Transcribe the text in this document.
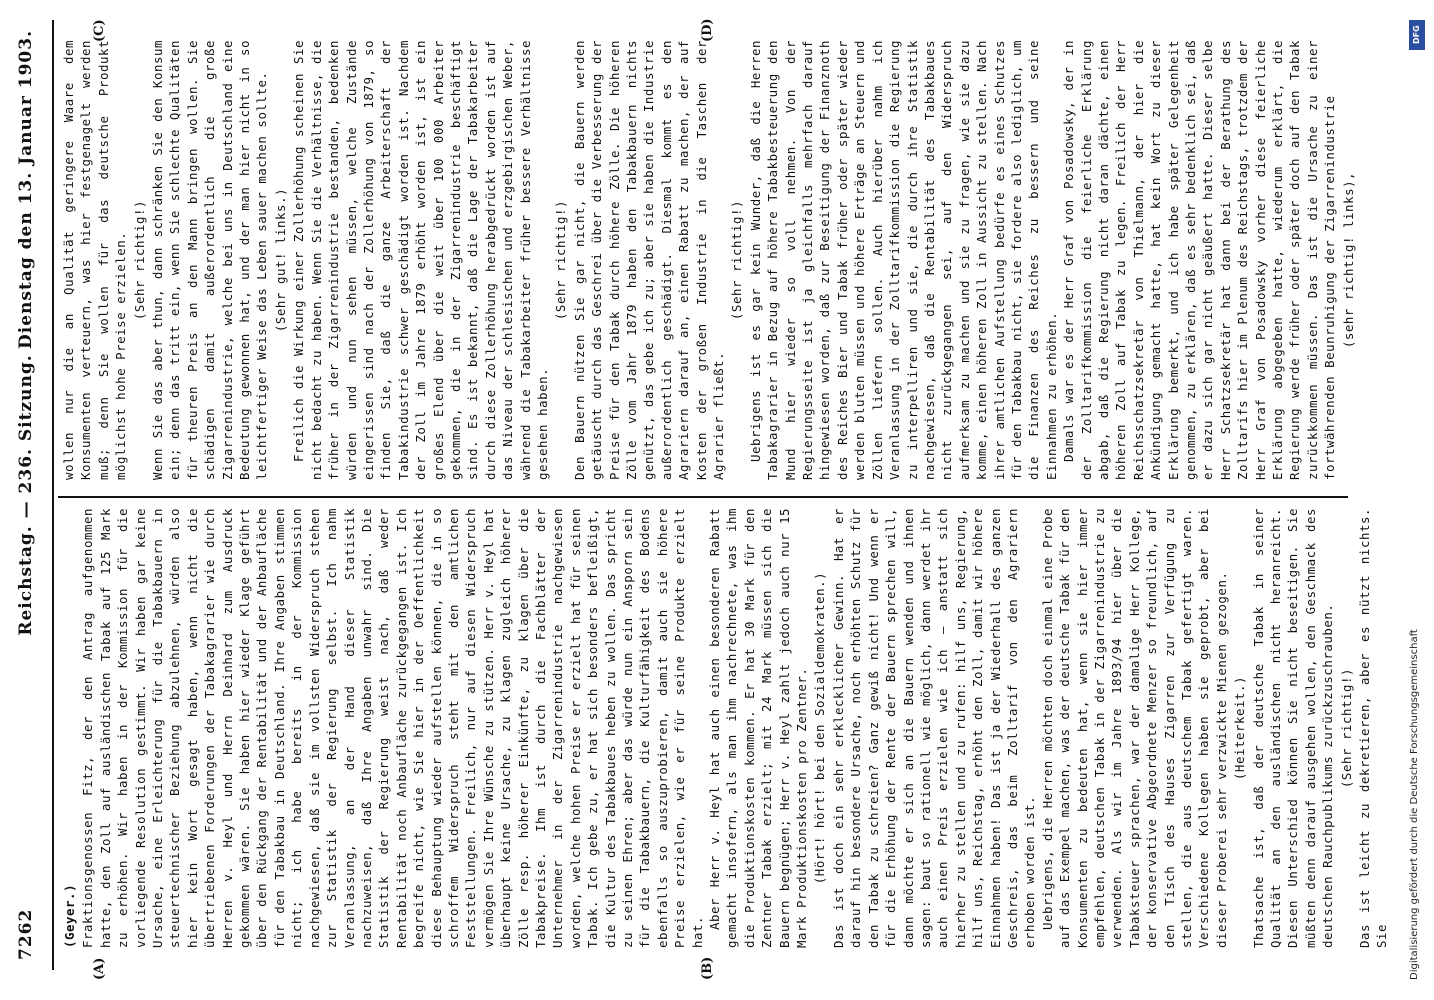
7262
Reichstag. — 236. Sitzung.
Dienstag den 13. Januar 1903.
(A)	(B)
(C)	(D)
(Geyer.) Fraktionsgenossen Fitz, der den Antrag aufgenommen hatte, den Zoll auf ausländischen Tabak auf 125 Mark zu erhöhen. Wir haben in der Kommission für die vorliegende Resolution gestimmt. Wir haben gar keine Ursache, eine Erleichterung für die Tabakbauern in steuertechnischer Beziehung abzulehnen, würden also hier kein Wort gesagt haben, wenn nicht die übertriebenen Forderungen der Tabakagrarier wie durch Herren v. Heyl und Herrn Deinhard zum Ausdruck gekommen wären. Sie haben hier wieder Klage geführt über den Rückgang der Rentabilität und der Anbaufläche für den Tabakbau in Deutschland. Ihre Angaben stimmen nicht; ich habe bereits in der Kommission nachgewiesen, daß sie im vollsten Widerspruch stehen zur Statistik der Regierung selbst. Ich nahm Veranlassung, an der Hand dieser Statistik nachzuweisen, daß Ihre Angaben unwahr sind. Die Statistik der Regierung weist nach, daß weder Rentabilität noch Anbaufläche zurückgegangen ist. Ich begreife nicht, wie Sie hier in der Oeffentlichkeit diese Behauptung wieder aufstellen können, die in so schroffem Widerspruch steht mit den amtlichen Feststellungen. Freilich, nur auf diesen Widerspruch vermögen Sie Ihre Wünsche zu stützen. Herr v. Heyl hat überhaupt keine Ursache, zu klagen zugleich höherer Zölle resp. höherer Einkünfte, zu klagen über die Tabakpreise. Ihm ist durch die Fachblätter der Unternehmer in der Zigarrenindustrie nachgewiesen worden, welche hohen Preise er erzielt hat für seinen Tabak. Ich gebe zu, er hat sich besonders befleißigt, die Kultur des Tabakbaues heben zu wollen. Das spricht zu seinen Ehren; aber das würde nun ein Ansporn sein für die Tabakbauern, die Kulturfähigkeit des Bodens ebenfalls so auszuprobieren, damit auch sie höhere Preise erzielen, wie er für seine Produkte erzielt hat.

Aber Herr v. Heyl hat auch einen besonderen Rabatt gemacht insofern, als man ihm nachrechnete, was ihm die Produktionskosten kommen. Er hat 30 Mark für den Zentner Tabak erzielt; mit 24 Mark müssen sich die Bauern begnügen; Herr v. Heyl zahlt jedoch auch nur 15 Mark Produktionskosten pro Zentner. (Hört! hört! bei den Sozialdemokraten.) Das ist doch ein sehr erklecklicher Gewinn. Hat er darauf hin besondere Ursache, noch erhöhten Schutz für den Tabak zu schreien? Ganz gewiß nicht! Und wenn er für die Erhöhung der Rente der Bauern sprechen will, dann möchte er sich an die Bauern wenden und ihnen sagen: baut so rationell wie möglich, dann werdet ihr auch einen Preis erzielen wie ich — anstatt sich hierher zu stellen und zu rufen: hilf uns, Regierung, hilf uns, Reichstag, erhöht den Zoll, damit wir höhere Einnahmen haben! Das ist ja der Wiederhall des ganzen Geschreis, das beim Zolltarif von den Agrariern erhoben worden ist. Uebrigens, die Herren möchten doch einmal eine Probe auf das Exempel machen, was der deutsche Tabak für den Konsumenten zu bedeuten hat, wenn sie hier immer empfehlen, deutschen Tabak in der Zigarrenindustrie zu verwenden. Als wir im Jahre 1893/94 hier über die Tabaksteuer sprachen, war der damalige Herr Kollege, der konservative Abgeordnete Menzer so freundlich, auf den Tisch des Hauses Zigarren zur Verfügung zu stellen, die aus deutschem Tabak gefertigt waren. Verschiedene Kollegen haben sie geprobt, aber bei dieser Proberei sehr verzwickte Mienen gezogen. (Heiterkeit.) Thatsache ist, daß der deutsche Tabak in seiner Qualität an den ausländischen nicht heranreicht. Diesen Unterschied können Sie nicht beseitigen. Sie müßten denn darauf ausgehen wollen, den Geschmack des deutschen Rauchpublikums zurückzuschrauben. (Sehr richtig!) Das ist leicht zu dekretieren, aber es nützt nichts. Sie

wollen nur die an Qualität geringere Waare dem Konsumenten verteuern, was hier festgenagelt werden muß; denn Sie wollen für das deutsche Produkt möglichst hohe Preise erzielen. (Sehr richtig!) Wenn Sie das aber thun, dann schränken Sie den Konsum ein; denn das tritt ein, wenn Sie schlechte Qualitäten für theuren Preis an den Mann bringen wollen. Sie schädigen damit außerordentlich die große Zigarrenindustrie, welche bei uns in Deutschland eine Bedeutung gewonnen hat, und der man hier nicht in so leichtfertiger Weise das Leben sauer machen sollte. (Sehr gut! links.) Freilich die Wirkung einer Zollerhöhung scheinen Sie nicht bedacht zu haben. Wenn Sie die Verhältnisse, die früher in der Zigarrenindustrie bestanden, bedenken würden und nun sehen müssen, welche Zustände eingerissen sind nach der Zollerhöhung von 1879, so finden Sie, daß die ganze Arbeiterschaft der Tabakindustrie schwer geschädigt worden ist. Nachdem der Zoll im Jahre 1879 erhöht worden ist, ist ein großes Elend über die weit über 100 000 Arbeiter gekommen, die in der Zigarrenindustrie beschäftigt sind. Es ist bekannt, daß die Lage der Tabakarbeiter durch diese Zollerhöhung herabgedrückt worden ist auf das Niveau der schlesischen und erzgebirgischen Weber, während die Tabakarbeiter früher bessere Verhältnisse gesehen haben.

(Sehr richtig!) Den Bauern nützen Sie gar nicht, die Bauern werden getäuscht durch das Geschrei über die Verbesserung der Preise für den Tabak durch höhere Zölle. Die höheren Zölle vom Jahr 1879 haben den Tabakbauern nichts genützt, das gebe ich zu; aber sie haben die Industrie außerordentlich geschädigt. Diesmal kommt es den Agrariern darauf an, einen Rabatt zu machen, der auf Kosten der großen Industrie in die Taschen der Agrarier fließt.

(Sehr richtig!) Uebrigens ist es gar kein Wunder, daß die Herren Tabakagrarier in Bezug auf höhere Tabakbesteuerung den Mund hier wieder so voll nehmen. Von der Regierungsseite ist ja gleichfalls mehrfach darauf hingewiesen worden, daß zur Beseitigung der Finanznoth des Reiches Bier und Tabak früher oder später wieder werden bluten müssen und höhere Erträge an Steuern und Zöllen liefern sollen. Auch hierüber nahm ich Veranlassung in der Zolltarifkommission die Regierung zu interpelliren und sie, die durch ihre Statistik nachgewiesen, daß die Rentabilität des Tabakbaues nicht zurückgegangen sei, auf den Widerspruch aufmerksam zu machen und sie zu fragen, wie sie dazu komme, einen höheren Zoll in Aussicht zu stellen. Nach ihrer amtlichen Aufstellung bedürfe es eines Schutzes für den Tabakbau nicht, sie fordere also lediglich, um die Finanzen des Reiches zu bessern und seine Einnahmen zu erhöhen. Damals war es der Herr Graf von Posadowsky, der in der Zolltarifkommission die feierliche Erklärung abgab, daß die Regierung nicht daran dächte, einen höheren Zoll auf Tabak zu legen. Freilich der Herr Reichsschatzsekretär von Thielmann, der hier die Ankündigung gemacht hatte, hat kein Wort zu dieser Erklärung bemerkt, und ich habe später Gelegenheit genommen, zu erklären, daß es sehr bedenklich sei, daß er dazu sich gar nicht geäußert hatte. Dieser selbe Herr Schatzsekretär hat dann bei der Berathung des Zolltarifs hier im Plenum des Reichstags, trotzdem der Herr Graf von Posadowsky vorher diese feierliche Erklärung abgegeben hatte, wiederum erklärt, die Regierung werde früher oder später doch auf den Tabak zurückkommen müssen. Das ist die Ursache zu einer fortwährenden Beunruhigung der Zigarrenindustrie (sehr richtig! links),
DFG
Digitalisierung gefördert durch die Deutsche Forschungsgemeinschaft
